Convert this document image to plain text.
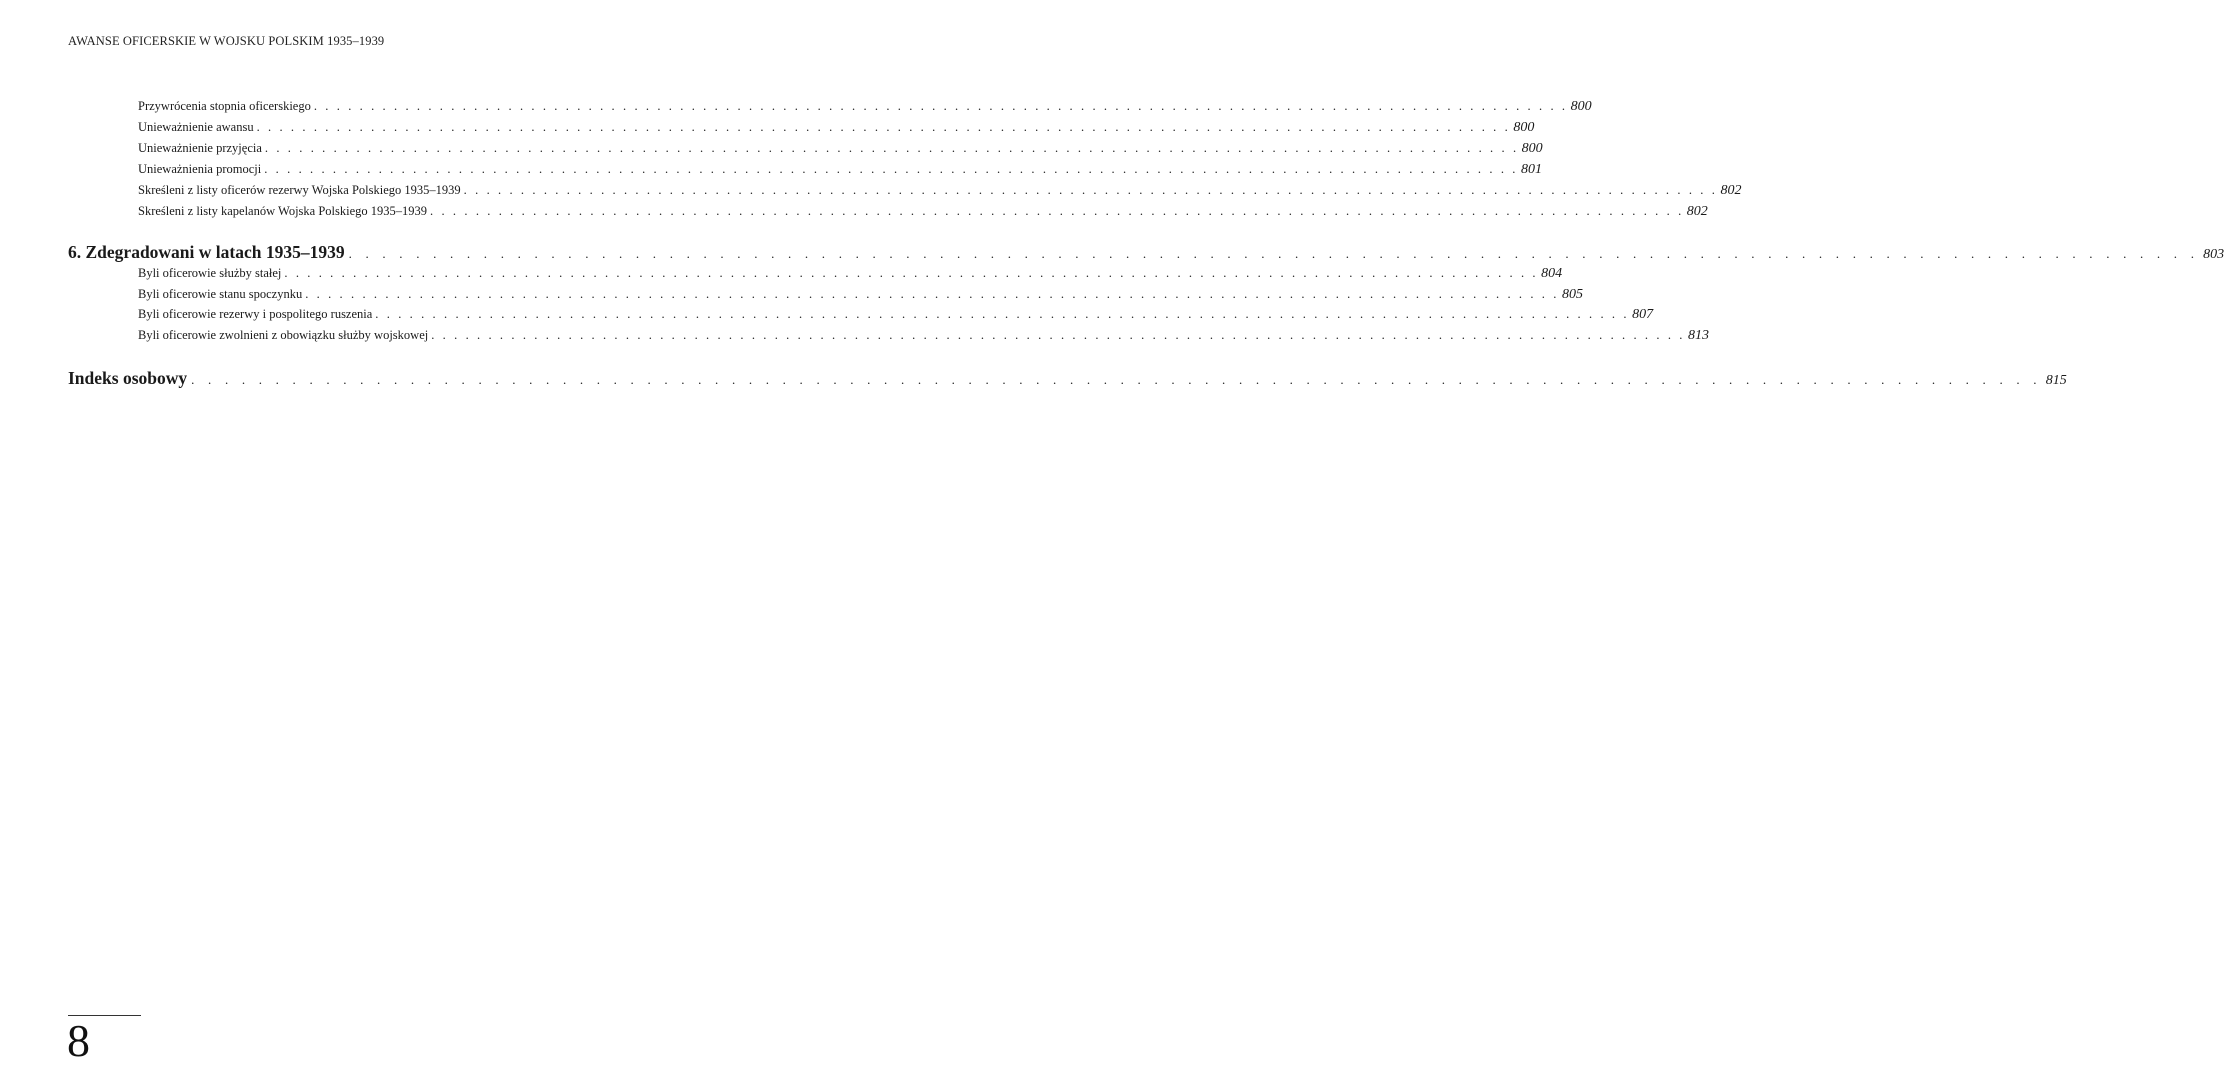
AWANSE OFICERSKIE W WOJSKU POLSKIM 1935–1939
Przywrócenia stopnia oficerskiego . . . . . . . . . . . . . . . . . . . . . . . . . . . . . . . . . . . . . . . . . . . . . . . . . . . . . . . . . . . . . . . . . . . . . . . . . . . . . . . . . . . . . . . . . . . . . . . . . . . . . . . . . . . . . . 800
Unieważnienie awansu . . . . . . . . . . . . . . . . . . . . . . . . . . . . . . . . . . . . . . . . . . . . . . . . . . . . . . . . . . . . . . . . . . . . . . . . . . . . . . . . . . . . . . . . . . . . . . . . . . . . . . . . . . . . . . 800
Unieważnienie przyjęcia . . . . . . . . . . . . . . . . . . . . . . . . . . . . . . . . . . . . . . . . . . . . . . . . . . . . . . . . . . . . . . . . . . . . . . . . . . . . . . . . . . . . . . . . . . . . . . . . . . . . . . . . . . . . . . 800
Unieważnienia promocji . . . . . . . . . . . . . . . . . . . . . . . . . . . . . . . . . . . . . . . . . . . . . . . . . . . . . . . . . . . . . . . . . . . . . . . . . . . . . . . . . . . . . . . . . . . . . . . . . . . . . . . . . . . . . . 801
Skreśleni z listy oficerów rezerwy Wojska Polskiego 1935–1939 . . . . . . . . . . . . . . . . . . . . . . . . . . . . . . . . . . . . . . . . . . . . . . . . . . . . . . . . . . . . . . . . . . . . . . . . . . . . . . . . . . . . . . . . . . . . . . . . . . . . . . . . . . . . . . 802
Skreśleni z listy kapelanów Wojska Polskiego 1935–1939 . . . . . . . . . . . . . . . . . . . . . . . . . . . . . . . . . . . . . . . . . . . . . . . . . . . . . . . . . . . . . . . . . . . . . . . . . . . . . . . . . . . . . . . . . . . . . . . . . . . . . . . . . . . . . . 802
6. Zdegradowani w latach 1935–1939 . . . . . . . . . . . . . . . . . . . . . . . . . . . . . . . . . . . . . . . . . . . . . . . . . . . . . . . . . . . . . . . . . . . . . . . . . . . . . . . . . . . . . . . . . . . . . . . . . . . . . . . . . . . . . . 803
Byli oficerowie służby stałej . . . . . . . . . . . . . . . . . . . . . . . . . . . . . . . . . . . . . . . . . . . . . . . . . . . . . . . . . . . . . . . . . . . . . . . . . . . . . . . . . . . . . . . . . . . . . . . . . . . . . . . . . . . . . . 804
Byli oficerowie stanu spoczynku . . . . . . . . . . . . . . . . . . . . . . . . . . . . . . . . . . . . . . . . . . . . . . . . . . . . . . . . . . . . . . . . . . . . . . . . . . . . . . . . . . . . . . . . . . . . . . . . . . . . . . . . . . . . . . 805
Byli oficerowie rezerwy i pospolitego ruszenia . . . . . . . . . . . . . . . . . . . . . . . . . . . . . . . . . . . . . . . . . . . . . . . . . . . . . . . . . . . . . . . . . . . . . . . . . . . . . . . . . . . . . . . . . . . . . . . . . . . . . . . . . . . . . . 807
Byli oficerowie zwolnieni z obowiązku służby wojskowej . . . . . . . . . . . . . . . . . . . . . . . . . . . . . . . . . . . . . . . . . . . . . . . . . . . . . . . . . . . . . . . . . . . . . . . . . . . . . . . . . . . . . . . . . . . . . . . . . . . . . . . . . . . . . . 813
Indeks osobowy . . . . . . . . . . . . . . . . . . . . . . . . . . . . . . . . . . . . . . . . . . . . . . . . . . . . . . . . . . . . . . . . . . . . . . . . . . . . . . . . . . . . . . . . . . . . . . . . . . . . . . . . . . . . . . 815
8
